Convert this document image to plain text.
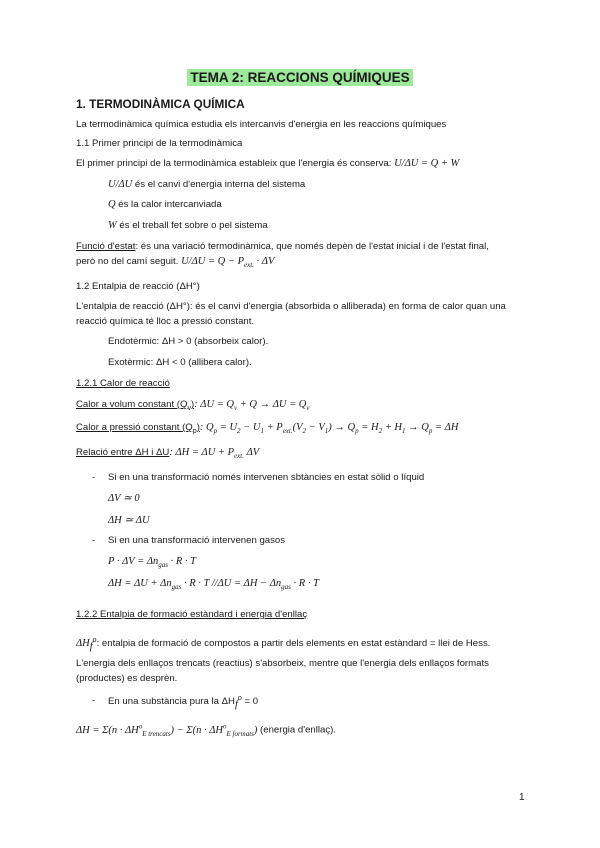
TEMA 2: REACCIONS QUÍMIQUES
1. TERMODINÀMICA QUÍMICA
La termodinàmica química estudia els intercanvis d'energia en les reaccions químiques
1.1 Primer principi de la termodinàmica
El primer principi de la termodinàmica estableix que l'energia és conserva: U/ΔU = Q + W
U/ΔU és el canvi d'energia interna del sistema
Q és la calor intercanviada
W és el treball fet sobre o pel sistema
Funció d'estat: és una variació termodinàmica, que només depèn de l'estat inicial i de l'estat final,
però no del camí seguit. $U/\Delta U = Q - P_{ext.} \cdot \Delta V$
1.2 Entalpia de reacció (ΔH°)
L'entalpia de reacció (ΔH°): és el canvi d'energia (absorbida o alliberada) en forma de calor quan una
reacció química té lloc a pressió constant.
Endotèrmic: ΔH > 0 (absorbeix calor).
Exotèrmic: ΔH < 0 (allibera calor).
1.2.1 Calor de reacció
Calor a volum constant $(Q_v)$: $\Delta U = Q_v + Q \to \Delta U = Q_v$
Calor a pressió constant $(Q_p)$: $Q_p = U_2 - U_1 + P_{ext.}(V_2 - V_1) \to Q_p = H_2 + H_1 \to Q_p = \Delta H$
Relació entre ΔH i ΔU: $\Delta H = \Delta U + P_{ext.}$ ΔV
- Si en una transformació només intervenen sbtàncies en estat sòlid o líquid
ΔV ≃ 0
ΔH ≃ ΔU
- Si en una transformació intervenen gasos
$P \cdot \Delta V = \Delta n_{gas} \cdot R \cdot T$
$\Delta H = \Delta U + \Delta n_{gas} \cdot R \cdot T$ $//\Delta U = \Delta H - \Delta n_{gas} \cdot R \cdot T$
1.2.2 Entalpia de formació estàndard i energia d'enllaç
$\Delta H_f^o$: entalpia de formació de compostos a partir dels elements en estat estàndard = llei de Hess.
L'energia dels enllaços trencats (reactius) s'absorbeix, mentre que l'energia dels enllaços formats
(productes) es desprèn.
- En una substància pura la $\Delta H_f^o = 0$
$\Delta H = \Sigma(n \cdot \Delta H^o_{E trencats}) - \Sigma(n \cdot \Delta H^o_{E formats})$ (energia d'enllaç).
1
